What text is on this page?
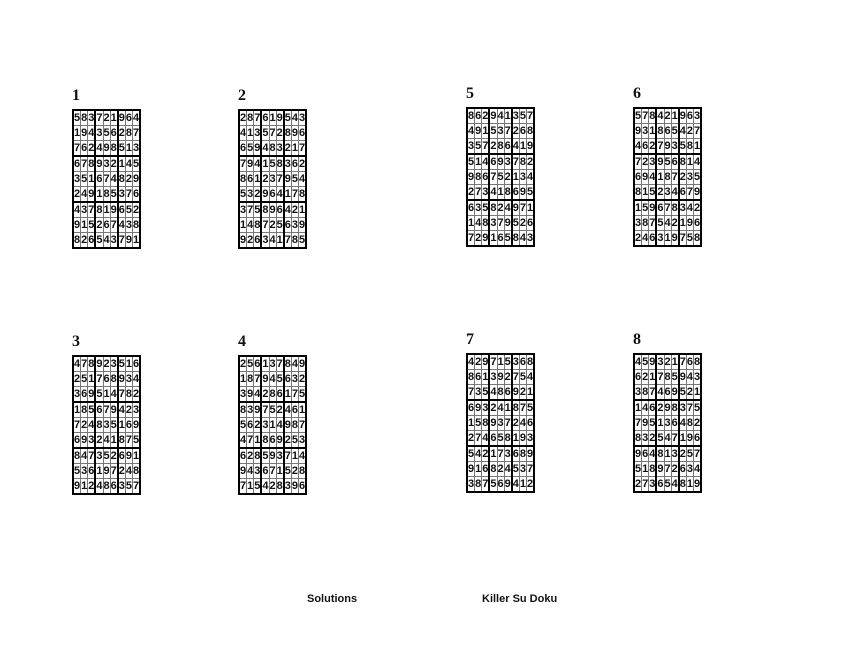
1
5	8	3	7	2	1	9	6	4
1	9	4	3	5	6	2	8	7
7	6	2	4	9	8	5	1	3
6	7	8	9	3	2	1	4	5
3	5	1	6	7	4	8	2	9
2	4	9	1	8	5	3	7	6
4	3	7	8	1	9	6	5	2
9	1	5	2	6	7	4	3	8
8	2	6	5	4	3	7	9	1
2
2	8	7	6	1	9	5	4	3
4	1	3	5	7	2	8	9	6
6	5	9	4	8	3	2	1	7
7	9	4	1	5	8	3	6	2
8	6	1	2	3	7	9	5	4
5	3	2	9	6	4	1	7	8
3	7	5	8	9	6	4	2	1
1	4	8	7	2	5	6	3	9
9	2	6	3	4	1	7	8	5
3
4	7	8	9	2	3	5	1	6
2	5	1	7	6	8	9	3	4
3	6	9	5	1	4	7	8	2
1	8	5	6	7	9	4	2	3
7	2	4	8	3	5	1	6	9
6	9	3	2	4	1	8	7	5
8	4	7	3	5	2	6	9	1
5	3	6	1	9	7	2	4	8
9	1	2	4	8	6	3	5	7
4
2	5	6	1	3	7	8	4	9
1	8	7	9	4	5	6	3	2
3	9	4	2	8	6	1	7	5
8	3	9	7	5	2	4	6	1
5	6	2	3	1	4	9	8	7
4	7	1	8	6	9	2	5	3
6	2	8	5	9	3	7	1	4
9	4	3	6	7	1	5	2	8
7	1	5	4	2	8	3	9	6
5
8	6	2	9	4	1	3	5	7
4	9	1	5	3	7	2	6	8
3	5	7	2	8	6	4	1	9
5	1	4	6	9	3	7	8	2
9	8	6	7	5	2	1	3	4
2	7	3	4	1	8	6	9	5
6	3	5	8	2	4	9	7	1
1	4	8	3	7	9	5	2	6
7	2	9	1	6	5	8	4	3
6
5	7	8	4	2	1	9	6	3
9	3	1	8	6	5	4	2	7
4	6	2	7	9	3	5	8	1
7	2	3	9	5	6	8	1	4
6	9	4	1	8	7	2	3	5
8	1	5	2	3	4	6	7	9
1	5	9	6	7	8	3	4	2
3	8	7	5	4	2	1	9	6
2	4	6	3	1	9	7	5	8
7
4	2	9	7	1	5	3	6	8
8	6	1	3	9	2	7	5	4
7	3	5	4	8	6	9	2	1
6	9	3	2	4	1	8	7	5
1	5	8	9	3	7	2	4	6
2	7	4	6	5	8	1	9	3
5	4	2	1	7	3	6	8	9
9	1	6	8	2	4	5	3	7
3	8	7	5	6	9	4	1	2
8
4	5	9	3	2	1	7	6	8
6	2	1	7	8	5	9	4	3
3	8	7	4	6	9	5	2	1
1	4	6	2	9	8	3	7	5
7	9	5	1	3	6	4	8	2
8	3	2	5	4	7	1	9	6
9	6	4	8	1	3	2	5	7
5	1	8	9	7	2	6	3	4
2	7	3	6	5	4	8	1	9
Solutions	Killer Su Doku
